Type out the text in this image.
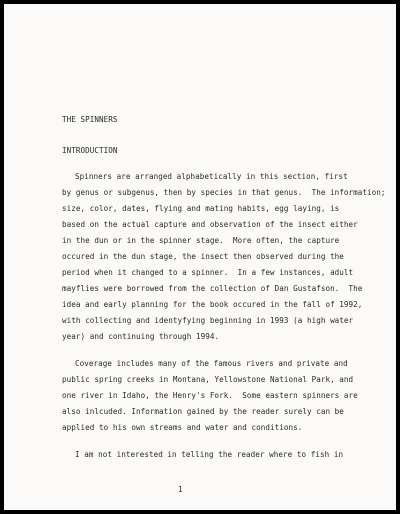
THE SPINNERS
INTRODUCTION
Spinners are arranged alphabetically in this section, first
by genus or subgenus, then by species in that genus.  The information;
size, color, dates, flying and mating habits, egg laying, is
based on the actual capture and observation of the insect either
in the dun or in the spinner stage.  More often, the capture
occured in the dun stage, the insect then observed during the
period when it changed to a spinner.  In a few instances, adult
mayflies were borrowed from the collection of Dan Gustafson.  The
idea and early planning for the book occured in the fall of 1992,
with collecting and identyfying beginning in 1993 (a high water
year) and continuing through 1994.
Coverage includes many of the famous rivers and private and
public spring creeks in Montana, Yellowstone National Park, and
one river in Idaho, the Henry's Fork.  Some eastern spinners are
also inlcuded. Information gained by the reader surely can be
applied to his own streams and water and conditions.
I am not interested in telling the reader where to fish in
1
